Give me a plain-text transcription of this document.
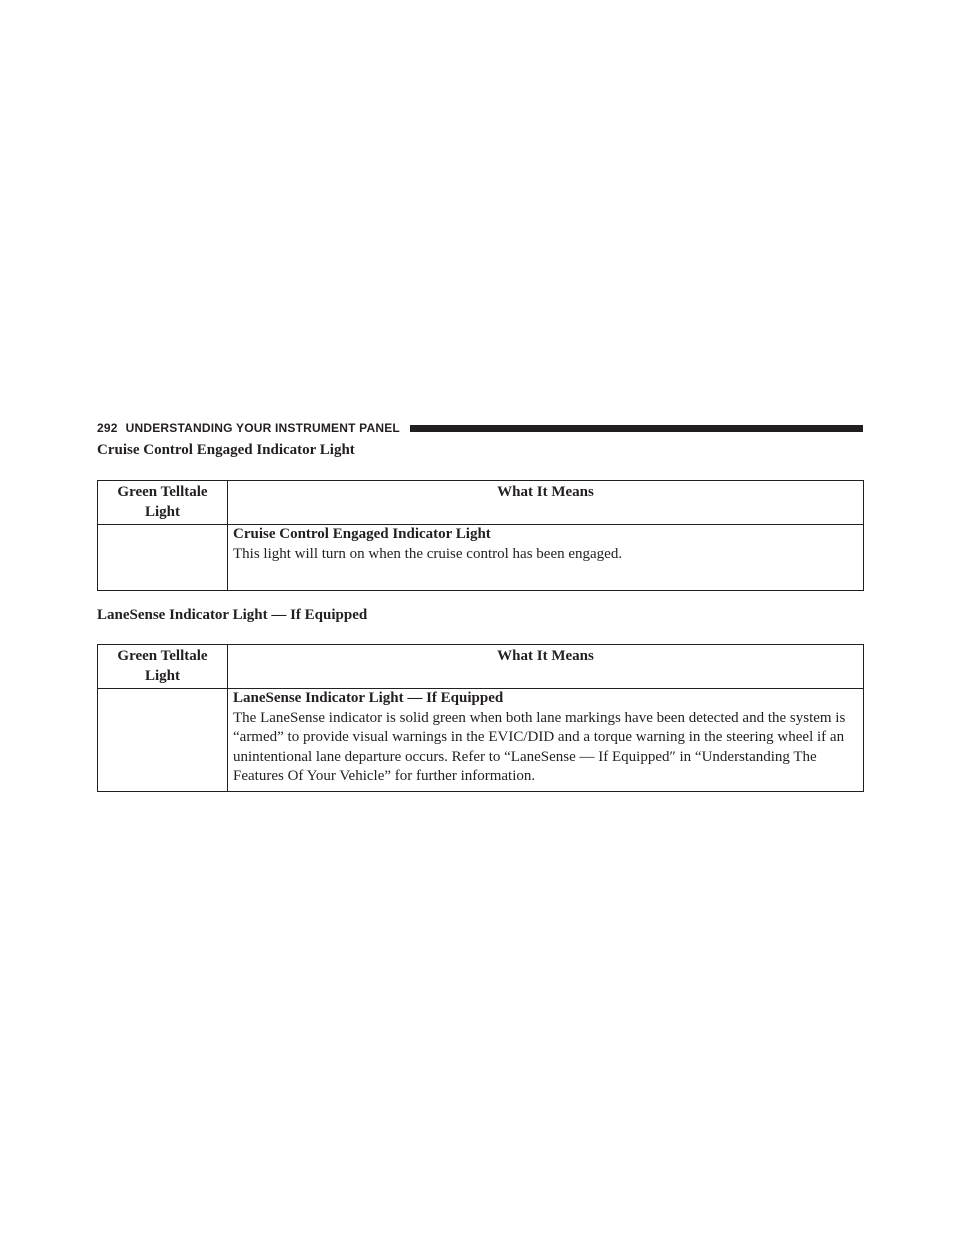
292 UNDERSTANDING YOUR INSTRUMENT PANEL
Cruise Control Engaged Indicator Light
Green Telltale Light	What It Means

	Cruise Control Engaged Indicator Light
This light will turn on when the cruise control has been engaged.
LaneSense Indicator Light — If Equipped
Green Telltale Light	What It Means

	LaneSense Indicator Light — If Equipped
The LaneSense indicator is solid green when both lane markings have been detected and the system is “armed” to provide visual warnings in the EVIC/DID and a torque warning in the steering wheel if an unintentional lane departure occurs. Refer to “LaneSense — If Equipped″ in “Understanding The Features Of Your Vehicle” for further information.
